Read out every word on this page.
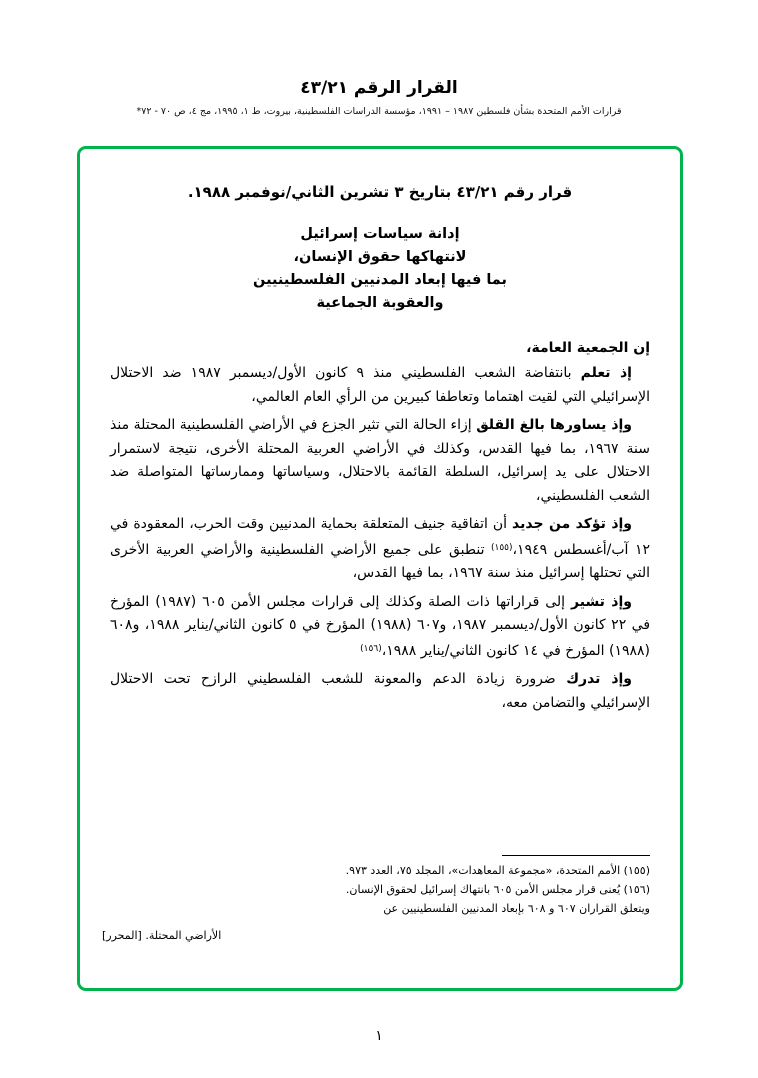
القرار الرقم ٤٣/٢١
قرارات الأمم المتحدة بشأن فلسطين ١٩٨٧ – ١٩٩١، مؤسسة الدراسات الفلسطينية، بيروت، ط ١، ١٩٩٥، مج ٤، ص ٧٠ - ٧٢*
قرار رقم ٤٣/٢١ بتاريخ ٣ تشرين الثاني/نوفمبر ١٩٨٨.
إدانة سياسات إسرائيل
لانتهاكها حقوق الإنسان،
بما فيها إبعاد المدنيين الفلسطينيين
والعقوبة الجماعية

إن الجمعية العامة،

إذ تعلم بانتفاضة الشعب الفلسطيني منذ ٩ كانون الأول/ديسمبر ١٩٨٧ ضد الاحتلال الإسرائيلي التي لقيت اهتماما وتعاطفا كبيرين من الرأي العام العالمي،

وإذ يساورها بالغ القلق إزاء الحالة التي تثير الجزع في الأراضي الفلسطينية المحتلة منذ سنة ١٩٦٧، بما فيها القدس، وكذلك في الأراضي العربية المحتلة الأخرى، نتيجة لاستمرار الاحتلال على يد إسرائيل، السلطة القائمة بالاحتلال، وسياساتها وممارساتها المتواصلة ضد الشعب الفلسطيني،

وإذ تؤكد من جديد أن اتفاقية جنيف المتعلقة بحماية المدنيين وقت الحرب، المعقودة في ١٢ آب/أغسطس ١٩٤٩،$^{(١٥٥)}$ تنطبق على جميع الأراضي الفلسطينية والأراضي العربية الأخرى التي تحتلها إسرائيل منذ سنة ١٩٦٧، بما فيها القدس،

وإذ تشير إلى قراراتها ذات الصلة وكذلك إلى قرارات مجلس الأمن ٦٠٥ (١٩٨٧) المؤرخ في ٢٢ كانون الأول/ديسمبر ١٩٨٧، و٦٠٧ (١٩٨٨) المؤرخ في ٥ كانون الثاني/يناير ١٩٨٨، و٦٠٨ (١٩٨٨) المؤرخ في ١٤ كانون الثاني/يناير ١٩٨٨،$^{(١٥٦)}$

وإذ تدرك ضرورة زيادة الدعم والمعونة للشعب الفلسطيني الرازح تحت الاحتلال الإسرائيلي والتضامن معه،

(١٥٥) الأمم المتحدة، «مجموعة المعاهدات»، المجلد ٧٥، العدد ٩٧٣.
(١٥٦) يُعنى قرار مجلس الأمن ٦٠٥ بانتهاك إسرائيل لحقوق الإنسان.
ويتعلق القراران ٦٠٧ و ٦٠٨ بإبعاد المدنيين الفلسطينيين عن
الأراضي المحتلة. [المحرر]
١
